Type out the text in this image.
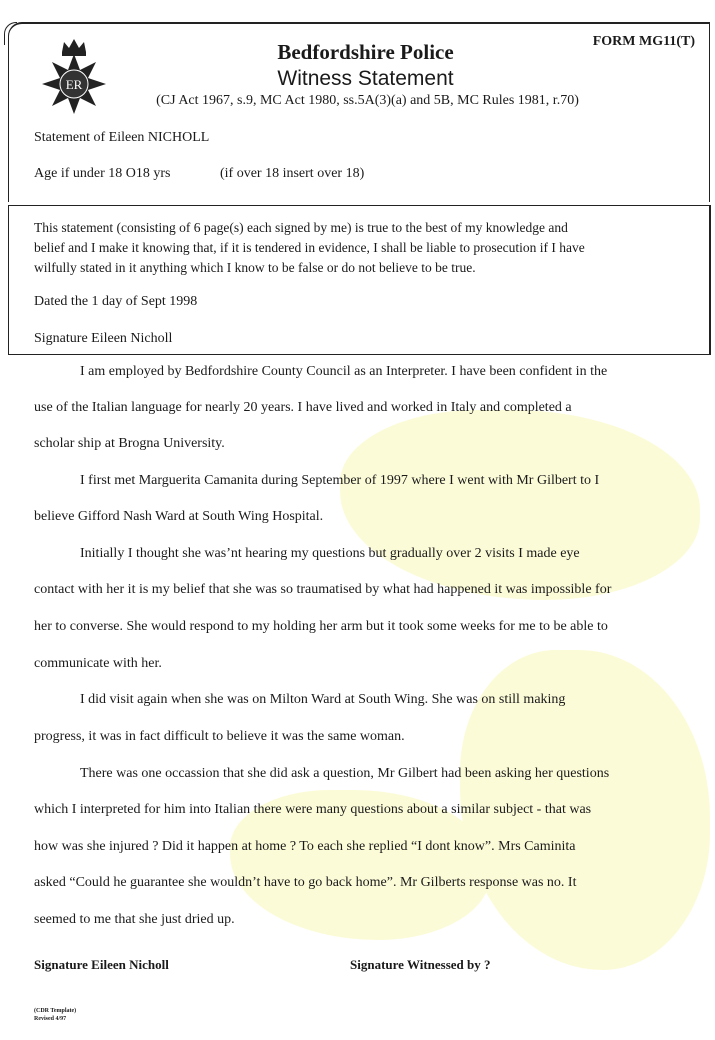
ER
FORM MG11(T)
Bedfordshire Police
Witness Statement
(CJ Act 1967, s.9, MC Act 1980, ss.5A(3)(a) and 5B, MC Rules 1981, r.70)
Statement of Eileen NICHOLL
Age if under 18 O18 yrs	(if over 18 insert over 18)
This statement (consisting of 6 page(s) each signed by me) is true to the best of my knowledge and
belief and I make it knowing that, if it is tendered in evidence, I shall be liable to prosecution if I have
wilfully stated in it anything which I know to be false or do not believe to be true.
Dated the 1 day of Sept 1998
Signature Eileen Nicholl
I am employed by Bedfordshire County Council as an Interpreter. I have been confident in the
use of the Italian language for nearly 20 years. I have lived and worked in Italy and completed a
scholar ship at Brogna University.
I first met Marguerita Camanita during September of 1997 where I went with Mr Gilbert to I
believe Gifford Nash Ward at South Wing Hospital.
Initially I thought she was’nt hearing my questions but gradually over 2 visits I made eye
contact with her it is my belief that she was so traumatised by what had happened it was impossible for
her to converse. She would respond to my holding her arm but it took some weeks for me to be able to
communicate with her.
I did visit again when she was on Milton Ward at South Wing. She was on still making
progress, it was in fact difficult to believe it was the same woman.
There was one occassion that she did ask a question, Mr Gilbert had been asking her questions
which I interpreted for him into Italian there were many questions about a similar subject - that was
how was she injured ? Did it happen at home ? To each she replied “I dont know”. Mrs Caminita
asked “Could he guarantee she wouldn’t have to go back home”. Mr Gilberts response was no. It
seemed to me that she just dried up.
Signature Eileen Nicholl	Signature Witnessed by ?
(CDR Template)
Revised 4/97
